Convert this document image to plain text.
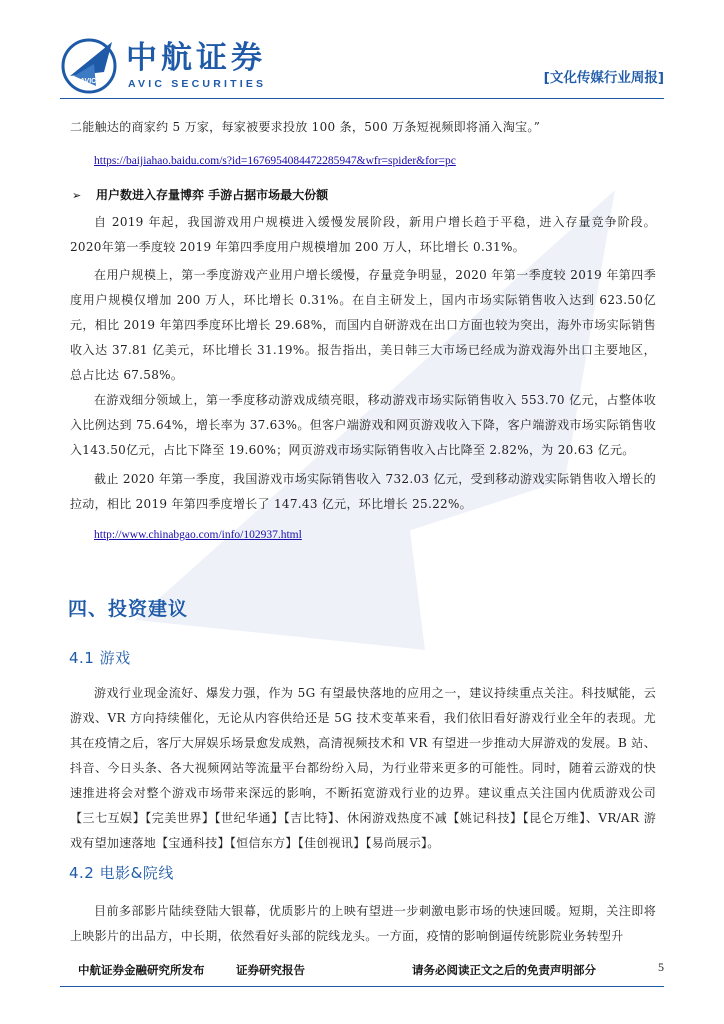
AVIC
中航证券
AVIC SECURITIES	[文化传媒行业周报]
二能触达的商家约 5 万家，每家被要求投放 100 条，500 万条短视频即将涌入淘宝。”
https://baijiahao.baidu.com/s?id=1676954084472285947&wfr=spider&for=pc
➢ 用户数进入存量博弈 手游占据市场最大份额
自 2019 年起，我国游戏用户规模进入缓慢发展阶段，新用户增长趋于平稳，进入存量竞争阶段。2020年第一季度较 2019 年第四季度用户规模增加 200 万人，环比增长 0.31%。
在用户规模上，第一季度游戏产业用户增长缓慢，存量竞争明显，2020 年第一季度较 2019 年第四季度用户规模仅增加 200 万人，环比增长 0.31%。在自主研发上，国内市场实际销售收入达到 623.50亿元，相比 2019 年第四季度环比增长 29.68%，而国内自研游戏在出口方面也较为突出，海外市场实际销售收入达 37.81 亿美元，环比增长 31.19%。报告指出，美日韩三大市场已经成为游戏海外出口主要地区，总占比达 67.58%。
在游戏细分领域上，第一季度移动游戏成绩亮眼，移动游戏市场实际销售收入 553.70 亿元，占整体收入比例达到 75.64%，增长率为 37.63%。但客户端游戏和网页游戏收入下降，客户端游戏市场实际销售收入143.50亿元，占比下降至 19.60%；网页游戏市场实际销售收入占比降至 2.82%，为 20.63 亿元。
截止 2020 年第一季度，我国游戏市场实际销售收入 732.03 亿元，受到移动游戏实际销售收入增长的拉动，相比 2019 年第四季度增长了 147.43 亿元，环比增长 25.22%。
http://www.chinabgao.com/info/102937.html
四、投资建议
4.1 游戏
游戏行业现金流好、爆发力强，作为 5G 有望最快落地的应用之一，建议持续重点关注。科技赋能，云游戏、VR 方向持续催化，无论从内容供给还是 5G 技术变革来看，我们依旧看好游戏行业全年的表现。尤其在疫情之后，客厅大屏娱乐场景愈发成熟，高清视频技术和 VR 有望进一步推动大屏游戏的发展。B 站、抖音、今日头条、各大视频网站等流量平台都纷纷入局，为行业带来更多的可能性。同时，随着云游戏的快速推进将会对整个游戏市场带来深远的影响，不断拓宽游戏行业的边界。建议重点关注国内优质游戏公司【三七互娱】【完美世界】【世纪华通】【吉比特】、休闲游戏热度不减【姚记科技】【昆仑万维】、VR/AR 游戏有望加速落地【宝通科技】【恒信东方】【佳创视讯】【易尚展示】。
4.2 电影&院线
目前多部影片陆续登陆大银幕，优质影片的上映有望进一步刺激电影市场的快速回暖。短期，关注即将上映影片的出品方，中长期，依然看好头部的院线龙头。一方面，疫情的影响倒逼传统影院业务转型升
中航证券金融研究所发布	证券研究报告	请务必阅读正文之后的免责声明部分	5
